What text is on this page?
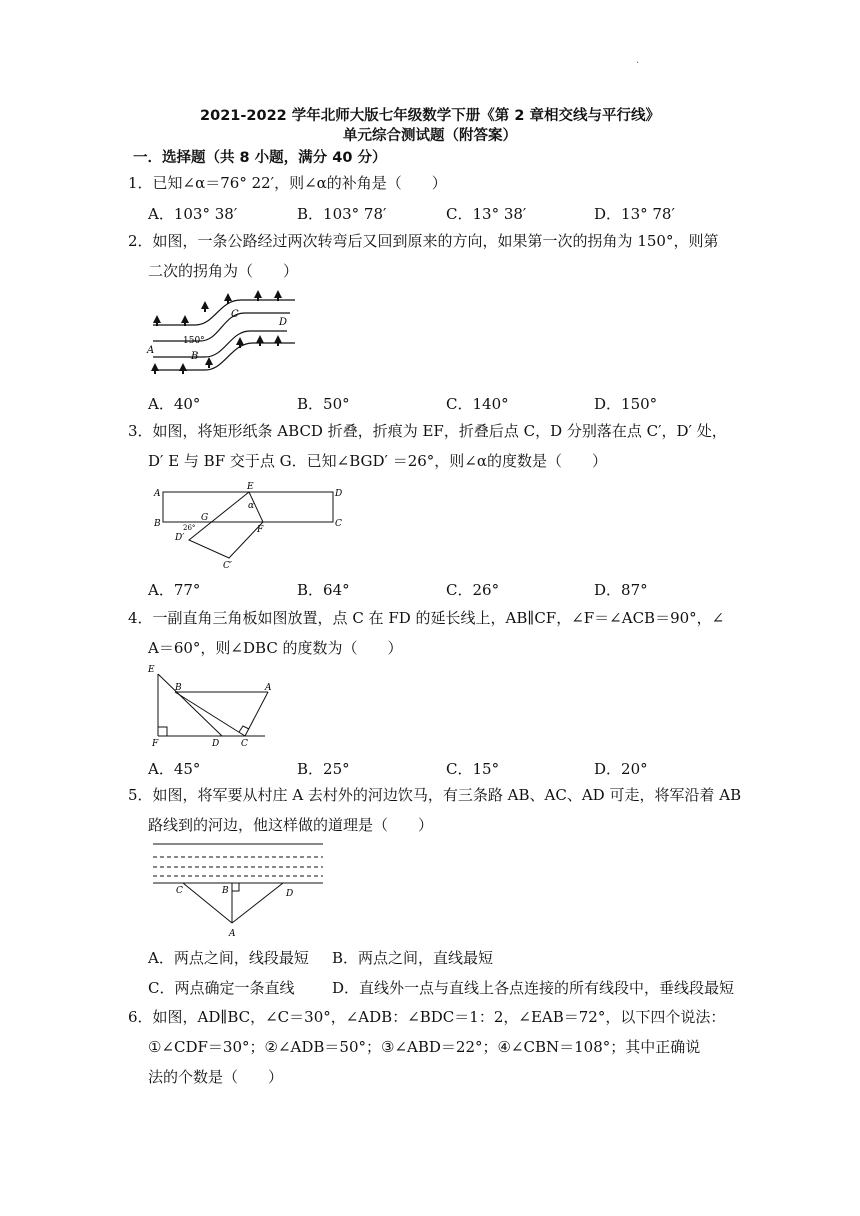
·
2021-2022 学年北师大版七年级数学下册《第 2 章相交线与平行线》
单元综合测试题（附答案）
一．选择题（共 8 小题，满分 40 分）
1．已知∠α＝76° 22′，则∠α的补角是（　　）
A．103° 38′	B．103° 78′	C．13° 38′	D．13° 78′
2．如图，一条公路经过两次转弯后又回到原来的方向，如果第一次的拐角为 150°，则第
二次的拐角为（　　）
A
B
C
D
150°
A．40°	B．50°	C．140°	D．150°
3．如图，将矩形纸条 ABCD 折叠，折痕为 EF，折叠后点 C，D 分别落在点 C′，D′ 处，
D′ E 与 BF 交于点 G．已知∠BGD′ ＝26°，则∠α的度数是（　　）
A
B
D
C
E
F
G
D′
C′
α
26°
A．77°	B．64°	C．26°	D．87°
4．一副直角三角板如图放置，点 C 在 FD 的延长线上，AB∥CF，∠F＝∠ACB＝90°，∠
A＝60°，则∠DBC 的度数为（　　）
E
B	A
F	D C
A．45°	B．25°	C．15°	D．20°
5．如图，将军要从村庄 A 去村外的河边饮马，有三条路 AB、AC、AD 可走，将军沿着 AB
路线到的河边，他这样做的道理是（　　）
C	B	D
A
A．两点之间，线段最短 B．两点之间，直线最短
C．两点确定一条直线	D．直线外一点与直线上各点连接的所有线段中，垂线段最短
6．如图，AD∥BC，∠C＝30°，∠ADB：∠BDC＝1：2，∠EAB＝72°，以下四个说法：
①∠CDF＝30°；②∠ADB＝50°；③∠ABD＝22°；④∠CBN＝108°；其中正确说
法的个数是（　　）
